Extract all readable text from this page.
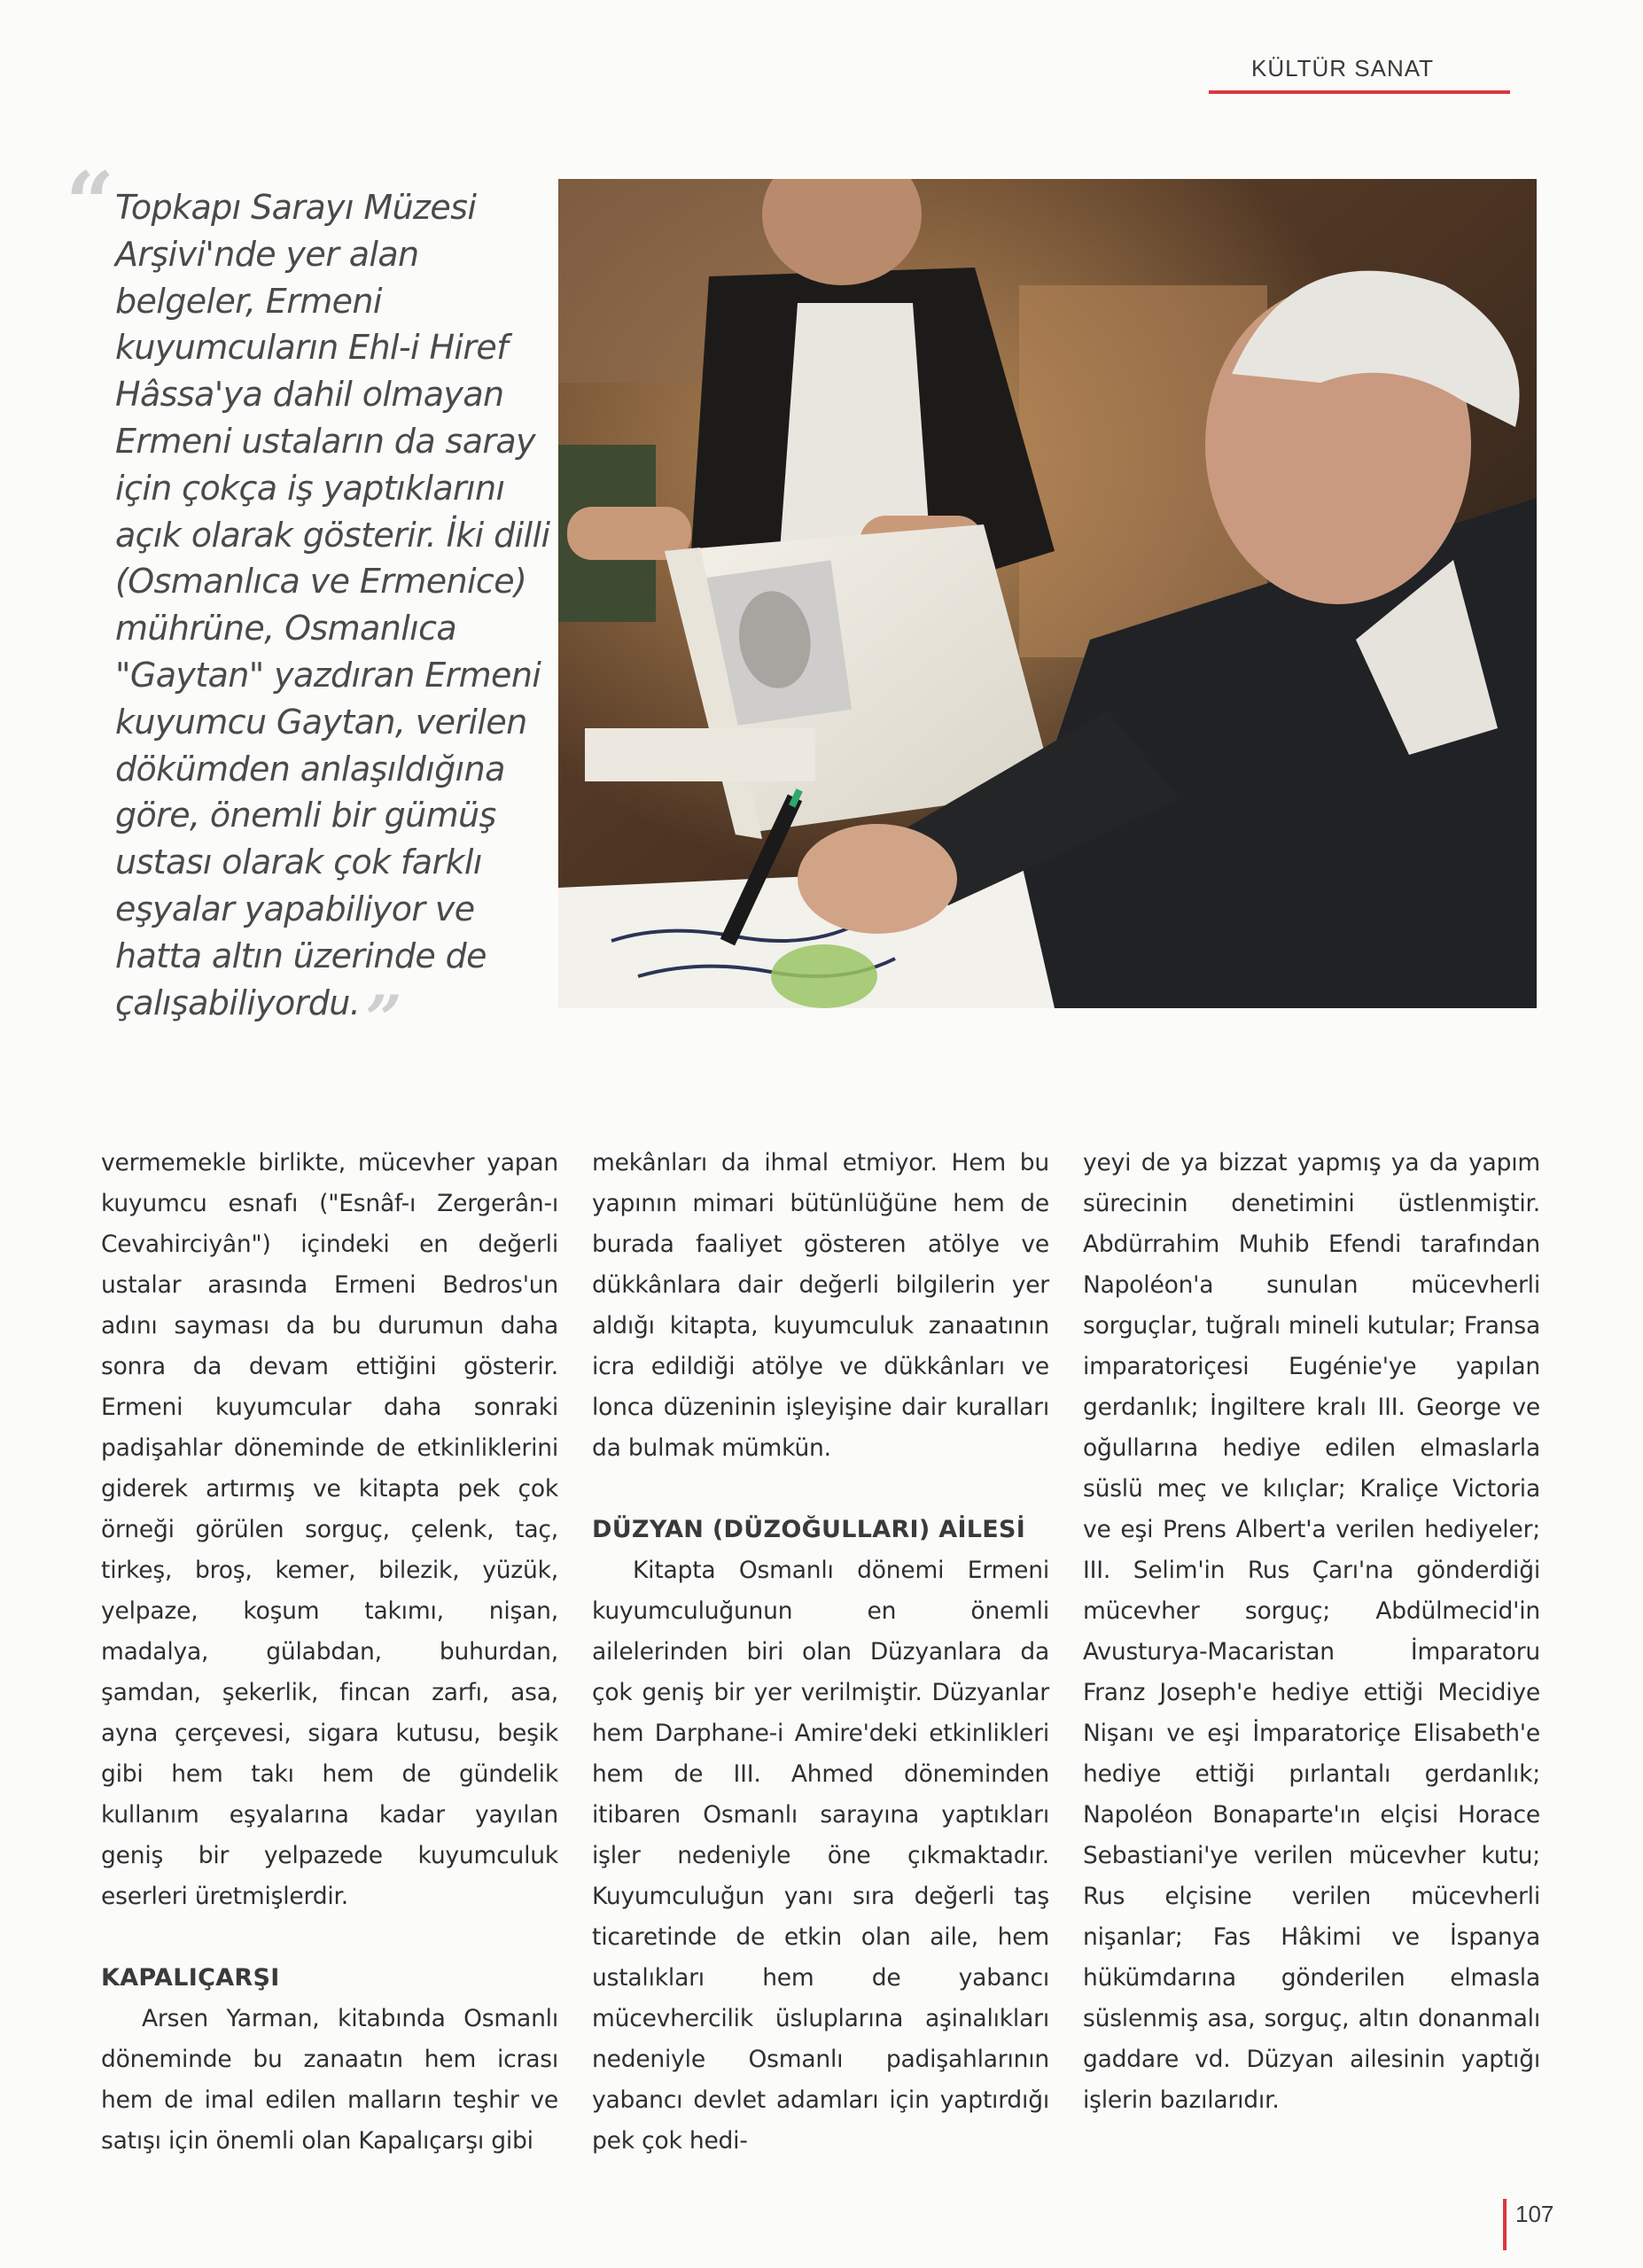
KÜLTÜR SANAT
“ Topkapı Sarayı Müzesi Arşivi'nde yer alan belgeler, Ermeni kuyumcuların Ehl-i Hiref Hâssa'ya dahil olmayan Ermeni ustaların da saray için çokça iş yaptıklarını açık olarak gösterir. İki dilli (Osmanlıca ve Ermenice) mührüne, Osmanlıca "Gaytan" yazdıran Ermeni kuyumcu Gaytan, verilen dökümden anlaşıldığına göre, önemli bir gümüş ustası olarak çok farklı eşyalar yapabiliyor ve hatta altın üzerinde de çalışabiliyordu.”

vermemekle birlikte, mücevher yapan kuyumcu esnafı ("Esnâf-ı Zergerân-ı Cevahirciyân") içindeki en değerli ustalar arasında Ermeni Bedros'un adını sayması da bu durumun daha sonra da devam ettiğini gösterir. Ermeni kuyumcular daha sonraki padişahlar döneminde de etkinliklerini giderek artırmış ve kitapta pek çok örneği görülen sorguç, çelenk, taç, tirkeş, broş, kemer, bilezik, yüzük, yelpaze, koşum takımı, nişan, madalya, gülabdan, buhurdan, şamdan, şekerlik, fincan zarfı, asa, ayna çerçevesi, sigara kutusu, beşik gibi hem takı hem de gündelik kullanım eşyalarına kadar yayılan geniş bir yelpazede kuyumculuk eserleri üretmişlerdir.

KAPALIÇARŞI

Arsen Yarman, kitabında Osmanlı döneminde bu zanaatın hem icrası hem de imal edilen malların teşhir ve satışı için önemli olan Kapalıçarşı gibi

mekânları da ihmal etmiyor. Hem bu yapının mimari bütünlüğüne hem de burada faaliyet gösteren atölye ve dükkânlara dair değerli bilgilerin yer aldığı kitapta, kuyumculuk zanaatının icra edildiği atölye ve dükkânları ve lonca düzeninin işleyişine dair kuralları da bulmak mümkün.

DÜZYAN (DÜZOĞULLARI) AİLESİ

Kitapta Osmanlı dönemi Ermeni kuyumculuğunun en önemli ailelerinden biri olan Düzyanlara da çok geniş bir yer verilmiştir. Düzyanlar hem Darphane-i Amire'deki etkinlikleri hem de III. Ahmed döneminden itibaren Osmanlı sarayına yaptıkları işler nedeniyle öne çıkmaktadır. Kuyumculuğun yanı sıra değerli taş ticaretinde de etkin olan aile, hem ustalıkları hem de yabancı mücevhercilik üsluplarına aşinalıkları nedeniyle Osmanlı padişahlarının yabancı devlet adamları için yaptırdığı pek çok hedi-

yeyi de ya bizzat yapmış ya da yapım sürecinin denetimini üstlenmiştir. Abdürrahim Muhib Efendi tarafından Napoléon'a sunulan mücevherli sorguçlar, tuğralı mineli kutular; Fransa imparatoriçesi Eugénie'ye yapılan gerdanlık; İngiltere kralı III. George ve oğullarına hediye edilen elmaslarla süslü meç ve kılıçlar; Kraliçe Victoria ve eşi Prens Albert'a verilen hediyeler; III. Selim'in Rus Çarı'na gönderdiği mücevher sorguç; Abdülmecid'in Avusturya-Macaristan İmparatoru Franz Joseph'e hediye ettiği Mecidiye Nişanı ve eşi İmparatoriçe Elisabeth'e hediye ettiği pırlantalı gerdanlık; Napoléon Bonaparte'ın elçisi Horace Sebastiani'ye verilen mücevher kutu; Rus elçisine verilen mücevherli nişanlar; Fas Hâkimi ve İspanya hükümdarına gönderilen elmasla süslenmiş asa, sorguç, altın donanmalı gaddare vd. Düzyan ailesinin yaptığı işlerin bazılarıdır.

107
